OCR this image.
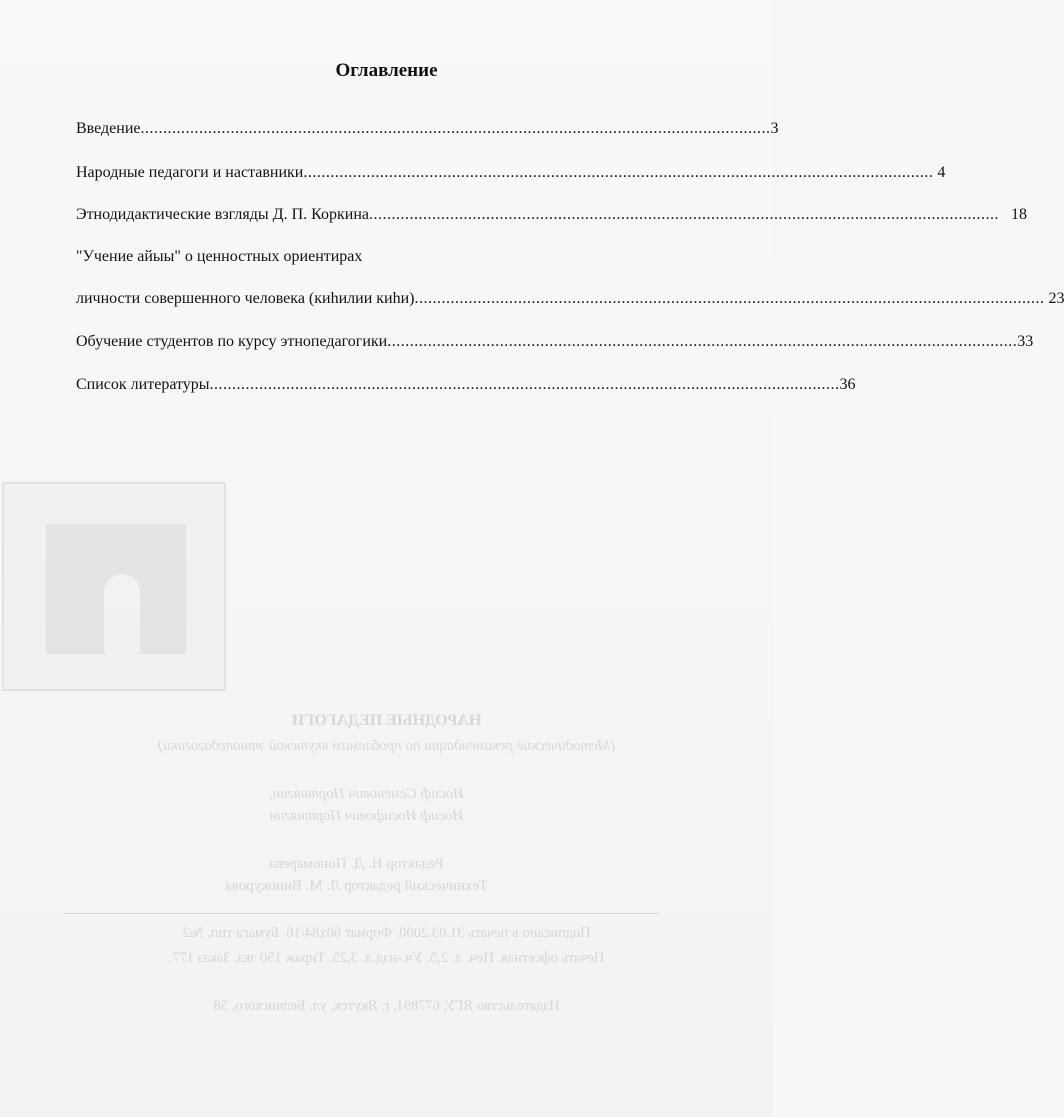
НАРОДНЫЕ ПЕДАГОГИ
(Методические рекомендации по проблемам якутской этнопедагогики)
Иосиф Семенович Портнягин,
Иосиф Иосифович Портнягин
Редактор Н. Д. Пономарева
Технический редактор Л. М. Винокурова
Подписано в печать 31.03.2000. Формат 60х84/16. Бумага тип. №2
Печать офсетная. Печ. л. 2,5. Уч.-изд.л. 3,25. Тираж 150 экз. Заказ 177.
Издательство ЯГУ, 677891, г. Якутск, ул. Белинского, 58
Оглавление
Введение ............................................................................................................................................ 3
Народные педагоги и наставники ............................................................................................................................................ 4
Этнодидактические взгляды Д. П. Коркина ............................................................................................................................................ 18
"Учение айыы" о ценностных ориентирах
личности совершенного человека (киhилии киhи) ............................................................................................................................................ 23
Обучение студентов по курсу этнопедагогики ............................................................................................................................................ 33
Список литературы ............................................................................................................................................ 36
